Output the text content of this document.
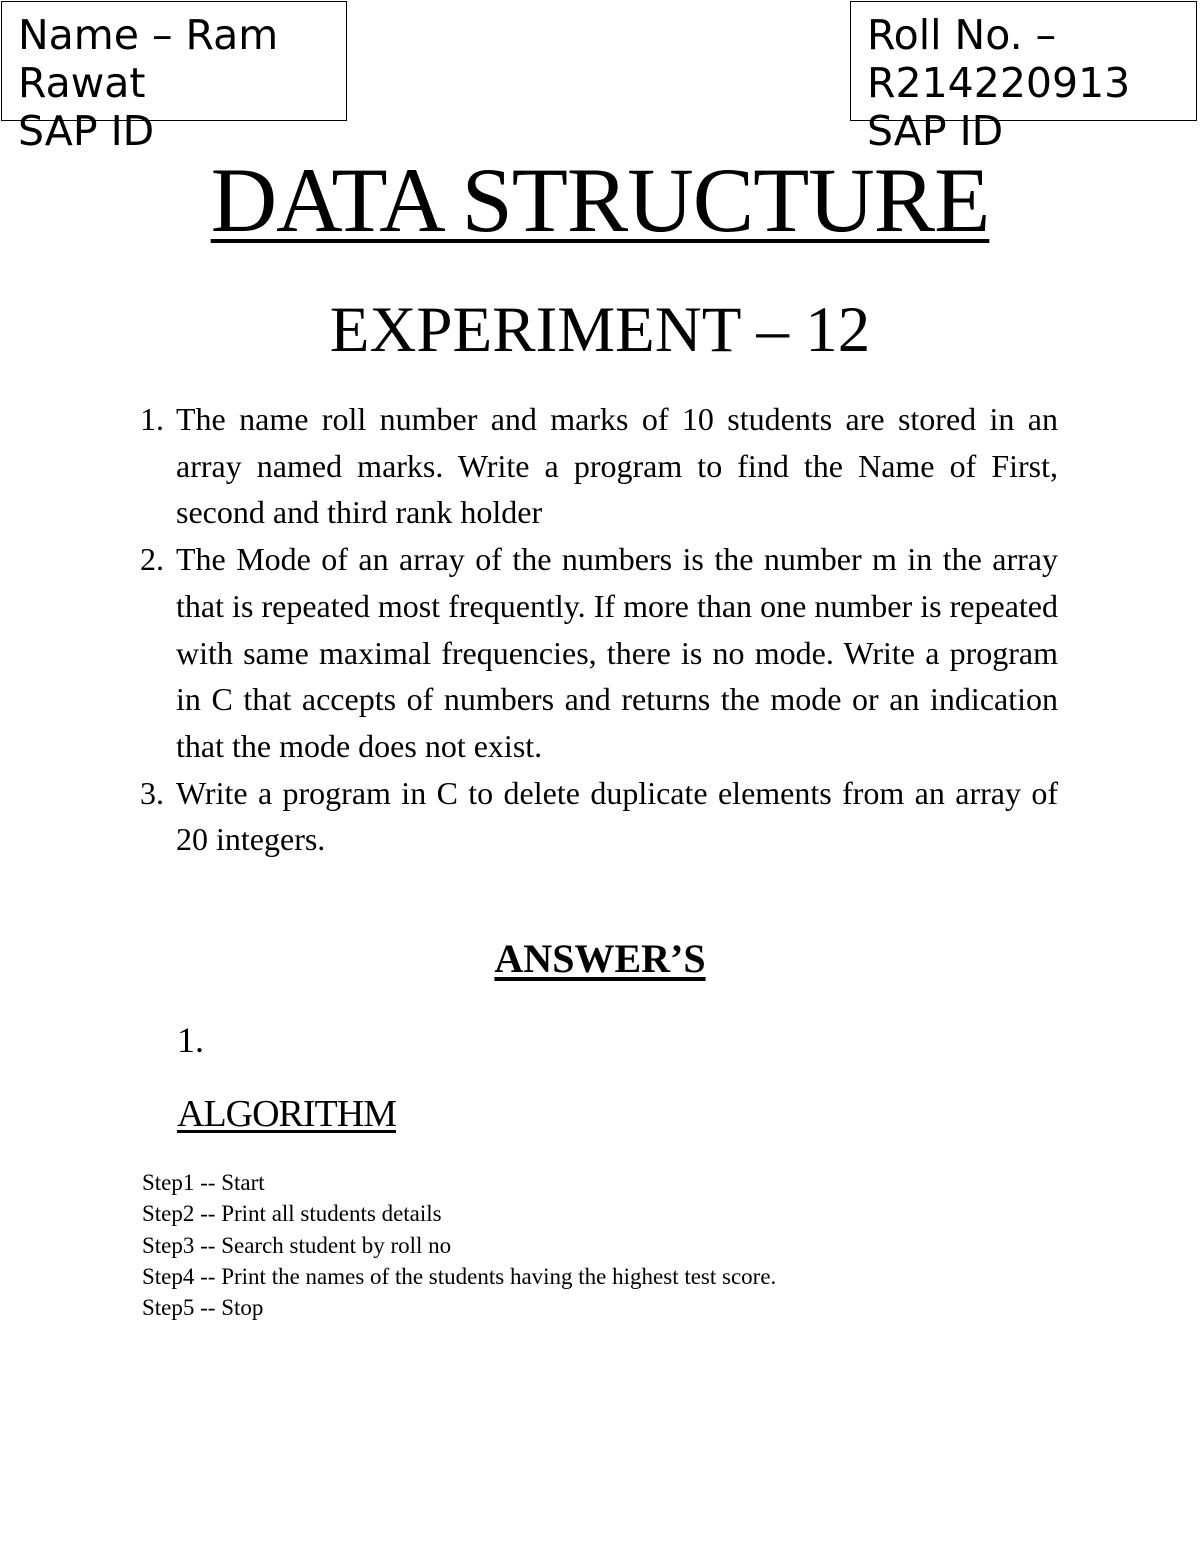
Name – Ram
Rawat
SAP ID
Roll No. –
R214220913
SAP ID
DATA STRUCTURE
EXPERIMENT – 12
1. The name roll number and marks of 10 students are stored in an array named marks. Write a program to find the Name of First, second and third rank holder
2. The Mode of an array of the numbers is the number m in the array that is repeated most frequently. If more than one number is repeated with same maximal frequencies, there is no mode. Write a program in C that accepts of numbers and returns the mode or an indication that the mode does not exist.
3. Write a program in C to delete duplicate elements from an array of 20 integers.
ANSWER’S
1.
ALGORITHM
Step1 -- Start
Step2 -- Print all students details
Step3 -- Search student by roll no
Step4 -- Print the names of the students having the highest test score.
Step5 -- Stop
